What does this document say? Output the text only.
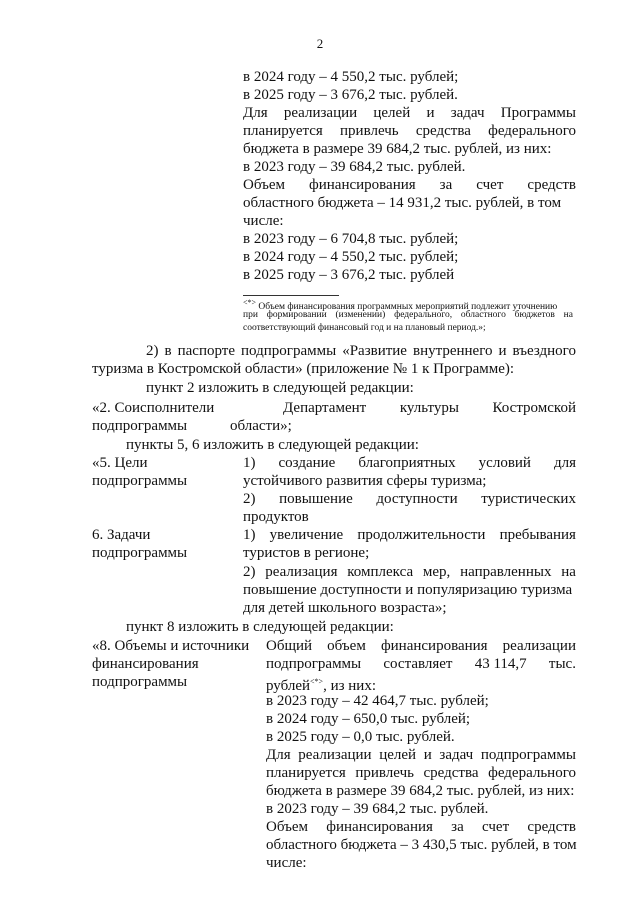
2
в 2024 году – 4 550,2 тыс. рублей;
в 2025 году – 3 676,2 тыс. рублей.
Для реализации целей и задач Программы
планируется привлечь средства федерального
бюджета в размере 39 684,2 тыс. рублей, из них:
в 2023 году – 39 684,2 тыс. рублей.
Объем финансирования за счет средств
областного бюджета – 14 931,2 тыс. рублей, в том
числе:
в 2023 году – 6 704,8 тыс. рублей;
в 2024 году – 4 550,2 тыс. рублей;
в 2025 году – 3 676,2 тыс. рублей
<*> Объем финансирования программных мероприятий подлежит уточнению
при формировании (изменении) федерального, областного бюджетов на
соответствующий финансовый год и на плановый период.»;
2) в паспорте подпрограммы «Развитие внутреннего и въездного
туризма в Костромской области» (приложение № 1 к Программе):
пункт 2 изложить в следующей редакции:
«2. Соисполнители
подпрограммы
Департамент культуры Костромской
области»;
пункты 5, 6 изложить в следующей редакции:
«5. Цели
подпрограммы
1) создание благоприятных условий для
устойчивого развития сферы туризма;
2) повышение доступности туристических
продуктов
6. Задачи
подпрограммы
1) увеличение продолжительности пребывания
туристов в регионе;
2) реализация комплекса мер, направленных на
повышение доступности и популяризацию туризма
для детей школьного возраста»;
пункт 8 изложить в следующей редакции:
«8. Объемы и источники
финансирования
подпрограммы
Общий объем финансирования реализации
подпрограммы составляет 43 114,7 тыс.
рублей<*>, из них:
в 2023 году – 42 464,7 тыс. рублей;
в 2024 году – 650,0 тыс. рублей;
в 2025 году – 0,0 тыс. рублей.
Для реализации целей и задач подпрограммы
планируется привлечь средства федерального
бюджета в размере 39 684,2 тыс. рублей, из них:
в 2023 году – 39 684,2 тыс. рублей.
Объем финансирования за счет средств
областного бюджета – 3 430,5 тыс. рублей, в том
числе:
